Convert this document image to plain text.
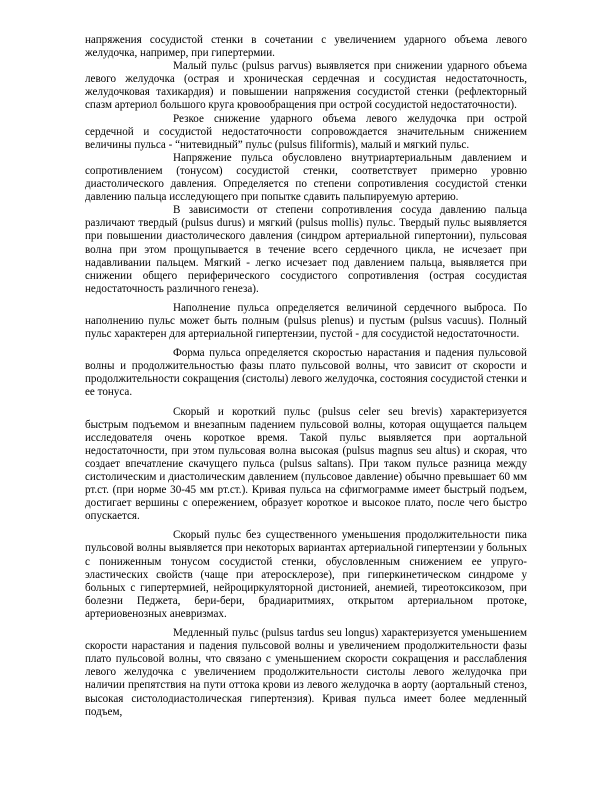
напряжения сосудистой стенки в сочетании с увеличением ударного объема левого желудочка, например, при гипертермии.

Малый пульс (pulsus parvus) выявляется при снижении ударного объема левого желудочка (острая и хроническая сердечная и сосудистая недостаточность, желудочковая тахикардия) и повышении напряжения сосудистой стенки (рефлекторный спазм артериол большого круга кровообращения при острой сосудистой недостаточности).

Резкое снижение ударного объема левого желудочка при острой сердечной и сосудистой недостаточности сопровождается значительным снижением величины пульса - “нитевидный” пульс (pulsus filiformis), малый и мягкий пульс.

Напряжение пульса обусловлено внутриартериальным давлением и сопротивлением (тонусом) сосудистой стенки, соответствует примерно уровню диастолического давления. Определяется по степени сопротивления сосудистой стенки давлению пальца исследующего при попытке сдавить пальпируемую артерию.

В зависимости от степени сопротивления сосуда давлению пальца различают твердый (pulsus durus) и мягкий (pulsus mollis) пульс. Твердый пульс выявляется при повышении диастолического давления (синдром артериальной гипертонии), пульсовая волна при этом прощупывается в течение всего сердечного цикла, не исчезает при надавливании пальцем. Мягкий - легко исчезает под давлением пальца, выявляется при снижении общего периферического сосудистого сопротивления (острая сосудистая недостаточность различного генеза).

Наполнение пульса определяется величиной сердечного выброса. По наполнению пульс может быть полным (pulsus plenus) и пустым (pulsus vacuus). Полный пульс характерен для артериальной гипертензии, пустой - для сосудистой недостаточности.

Форма пульса определяется скоростью нарастания и падения пульсовой волны и продолжительностью фазы плато пульсовой волны, что зависит от скорости и продолжительности сокращения (систолы) левого желудочка, состояния сосудистой стенки и ее тонуса.

Скорый и короткий пульс (pulsus celer seu brevis) характеризуется быстрым подъемом и внезапным падением пульсовой волны, которая ощущается пальцем исследователя очень короткое время. Такой пульс выявляется при аортальной недостаточности, при этом пульсовая волна высокая (pulsus magnus seu altus) и скорая, что создает впечатление скачущего пульса (pulsus saltans). При таком пульсе разница между систолическим и диастолическим давлением (пульсовое давление) обычно превышает 60 мм рт.ст. (при норме 30-45 мм рт.ст.). Кривая пульса на сфигмограмме имеет быстрый подъем, достигает вершины с опережением, образует короткое и высокое плато, после чего быстро опускается.

Скорый пульс без существенного уменьшения продолжительности пика пульсовой волны выявляется при некоторых вариантах артериальной гипертензии у больных с пониженным тонусом сосудистой стенки, обусловленным снижением ее упруго-эластических свойств (чаще при атеросклерозе), при гиперкинетическом синдроме у больных с гипертермией, нейроциркуляторной дистонией, анемией, тиреотоксикозом, при болезни Педжета, бери-бери, брадиаритмиях, открытом артериальном протоке, артериовенозных аневризмах.

Медленный пульс (pulsus tardus seu longus) характеризуется уменьшением скорости нарастания и падения пульсовой волны и увеличением продолжительности фазы плато пульсовой волны, что связано с уменьшением скорости сокращения и расслабления левого желудочка с увеличением продолжительности систолы левого желудочка при наличии препятствия на пути оттока крови из левого желудочка в аорту (аортальный стеноз, высокая систолодиастолическая гипертензия). Кривая пульса имеет более медленный подъем,
